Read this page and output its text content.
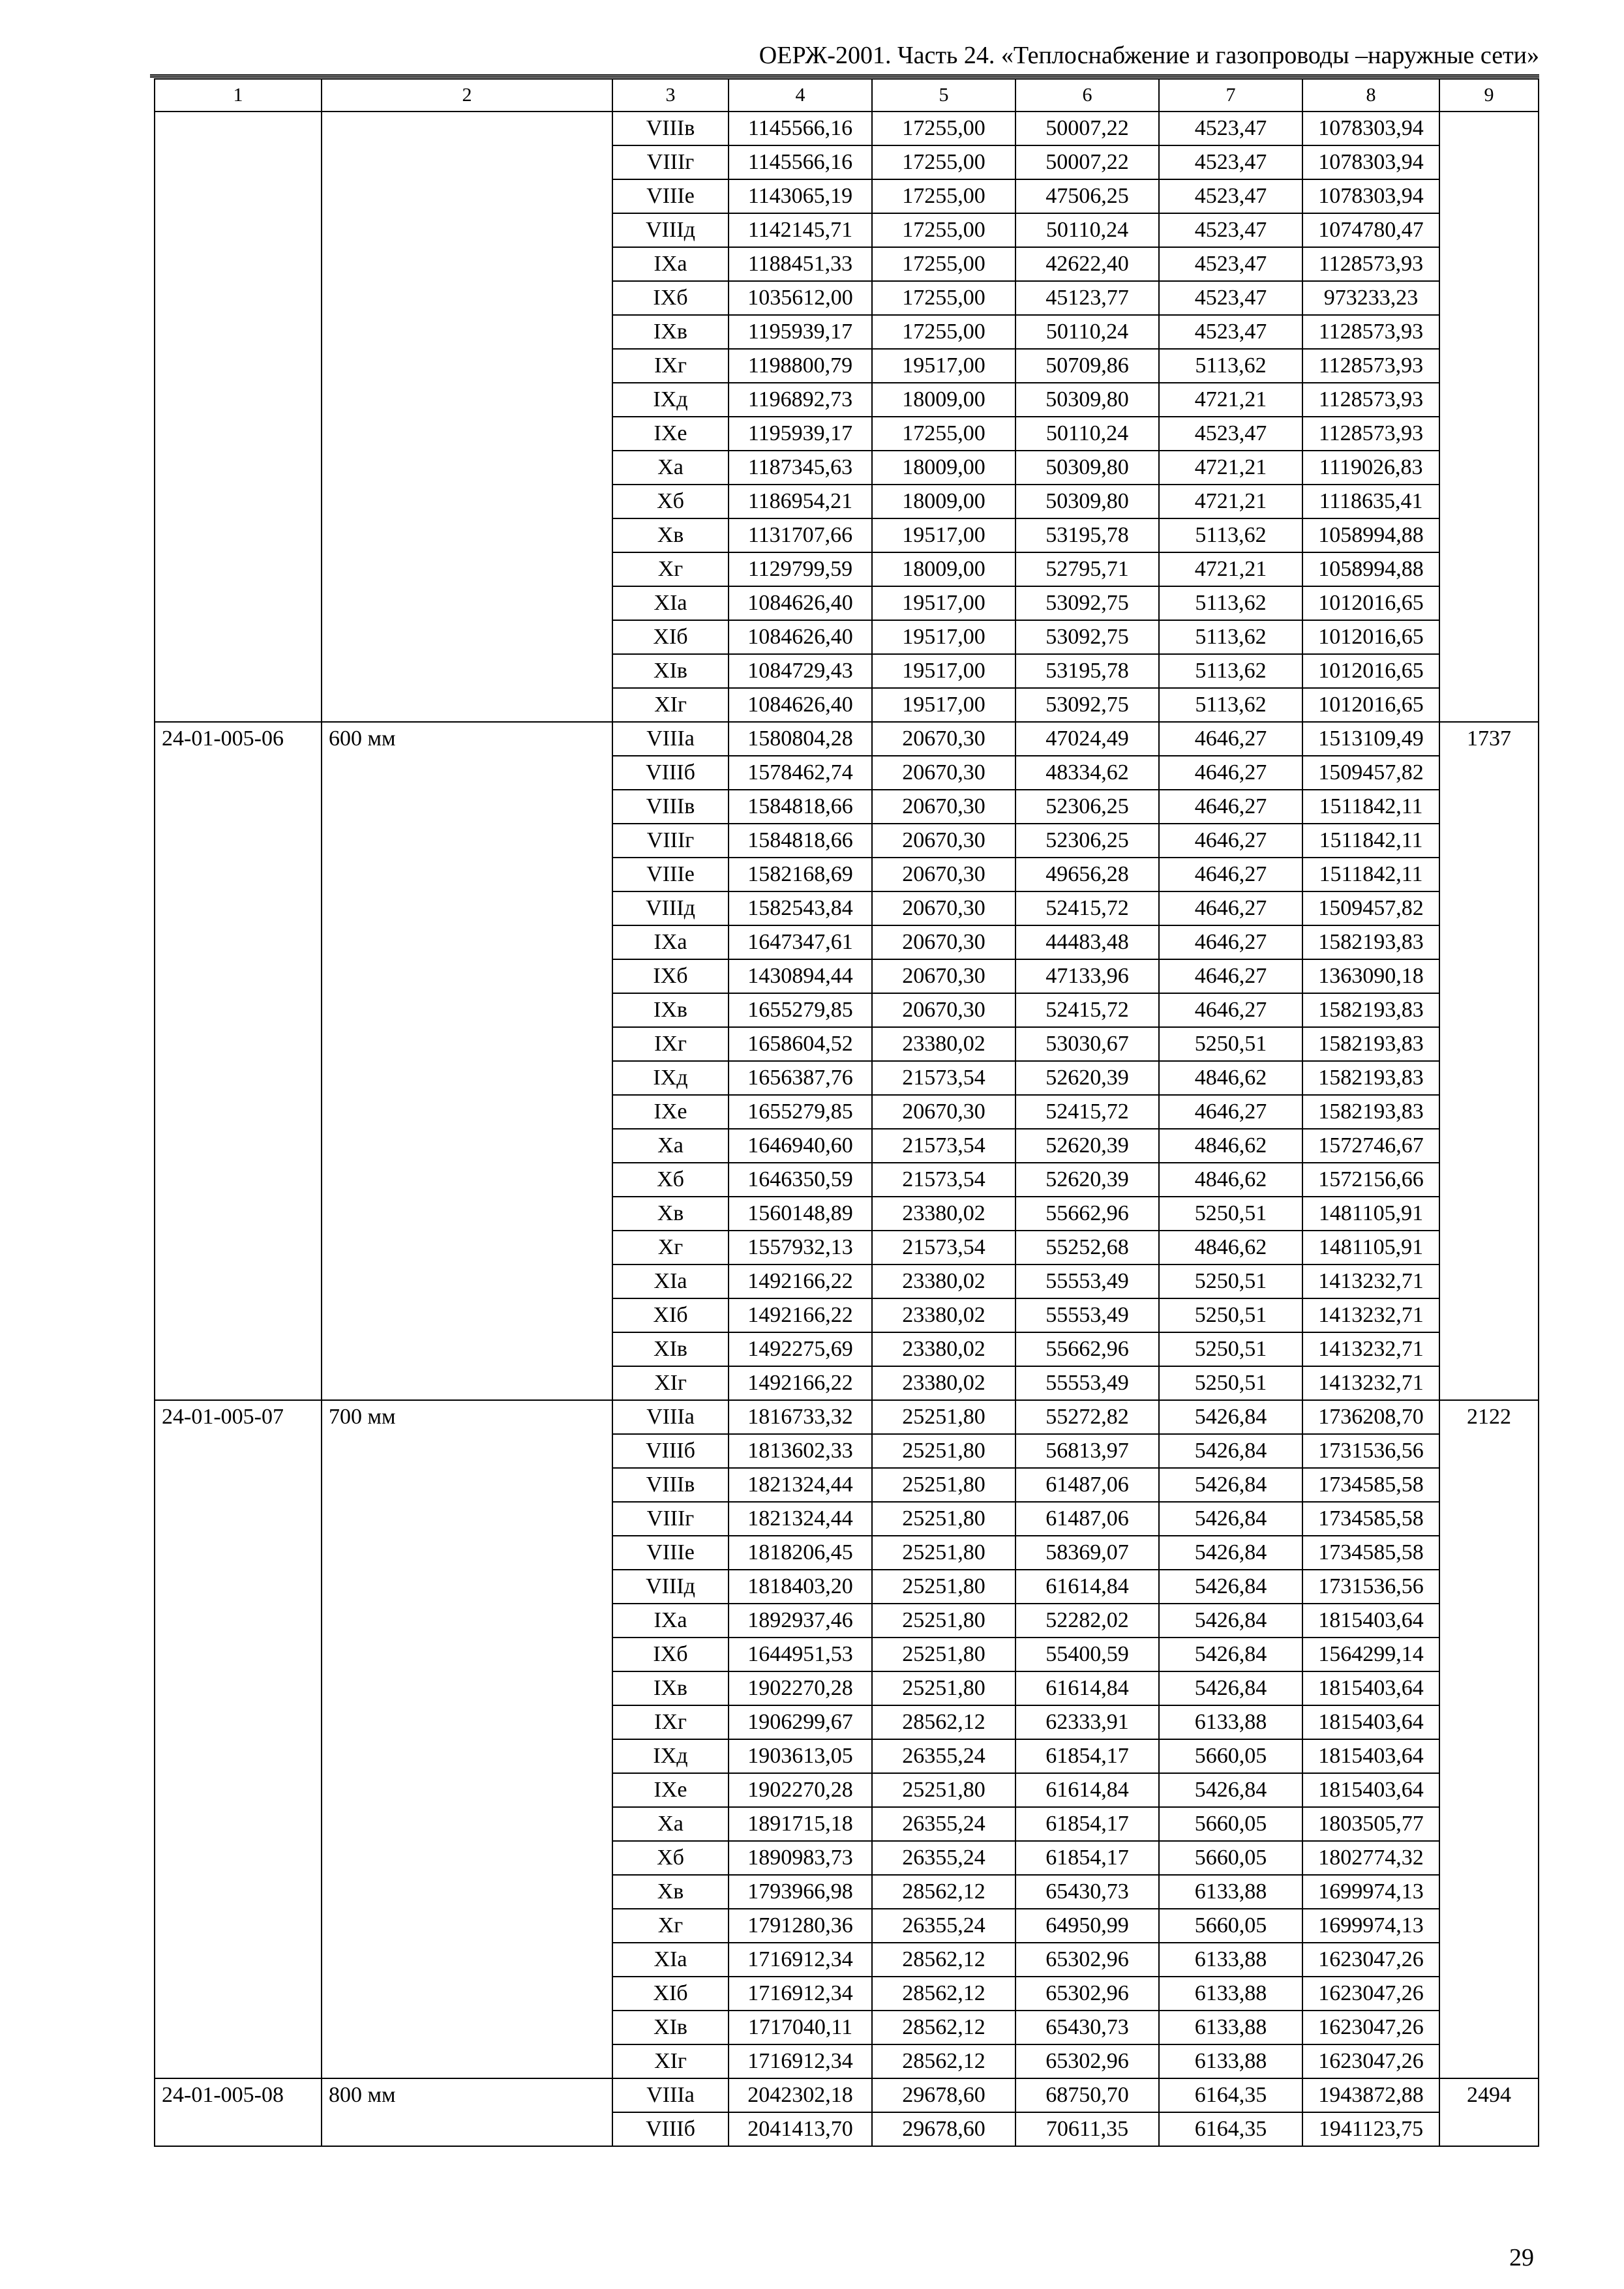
ОЕРЖ-2001. Часть 24. «Теплоснабжение и газопроводы –наружные сети»
1	2	3	4	5	6	7	8	9
		VIIIв	1145566,16	17255,00	50007,22	4523,47	1078303,94	
		VIIIг	1145566,16	17255,00	50007,22	4523,47	1078303,94	
		VIIIе	1143065,19	17255,00	47506,25	4523,47	1078303,94	
		VIIIд	1142145,71	17255,00	50110,24	4523,47	1074780,47	
		IXа	1188451,33	17255,00	42622,40	4523,47	1128573,93	
		IXб	1035612,00	17255,00	45123,77	4523,47	973233,23	
		IXв	1195939,17	17255,00	50110,24	4523,47	1128573,93	
		IXг	1198800,79	19517,00	50709,86	5113,62	1128573,93	
		IXд	1196892,73	18009,00	50309,80	4721,21	1128573,93	
		IXе	1195939,17	17255,00	50110,24	4523,47	1128573,93	
		Xа	1187345,63	18009,00	50309,80	4721,21	1119026,83	
		Xб	1186954,21	18009,00	50309,80	4721,21	1118635,41	
		Xв	1131707,66	19517,00	53195,78	5113,62	1058994,88	
		Xг	1129799,59	18009,00	52795,71	4721,21	1058994,88	
		XIа	1084626,40	19517,00	53092,75	5113,62	1012016,65	
		XIб	1084626,40	19517,00	53092,75	5113,62	1012016,65	
		XIв	1084729,43	19517,00	53195,78	5113,62	1012016,65	
		XIг	1084626,40	19517,00	53092,75	5113,62	1012016,65	
24-01-005-06	600 мм	VIIIа	1580804,28	20670,30	47024,49	4646,27	1513109,49	1737
		VIIIб	1578462,74	20670,30	48334,62	4646,27	1509457,82	
		VIIIв	1584818,66	20670,30	52306,25	4646,27	1511842,11	
		VIIIг	1584818,66	20670,30	52306,25	4646,27	1511842,11	
		VIIIе	1582168,69	20670,30	49656,28	4646,27	1511842,11	
		VIIIд	1582543,84	20670,30	52415,72	4646,27	1509457,82	
		IXа	1647347,61	20670,30	44483,48	4646,27	1582193,83	
		IXб	1430894,44	20670,30	47133,96	4646,27	1363090,18	
		IXв	1655279,85	20670,30	52415,72	4646,27	1582193,83	
		IXг	1658604,52	23380,02	53030,67	5250,51	1582193,83	
		IXд	1656387,76	21573,54	52620,39	4846,62	1582193,83	
		IXе	1655279,85	20670,30	52415,72	4646,27	1582193,83	
		Xа	1646940,60	21573,54	52620,39	4846,62	1572746,67	
		Xб	1646350,59	21573,54	52620,39	4846,62	1572156,66	
		Xв	1560148,89	23380,02	55662,96	5250,51	1481105,91	
		Xг	1557932,13	21573,54	55252,68	4846,62	1481105,91	
		XIа	1492166,22	23380,02	55553,49	5250,51	1413232,71	
		XIб	1492166,22	23380,02	55553,49	5250,51	1413232,71	
		XIв	1492275,69	23380,02	55662,96	5250,51	1413232,71	
		XIг	1492166,22	23380,02	55553,49	5250,51	1413232,71	
24-01-005-07	700 мм	VIIIа	1816733,32	25251,80	55272,82	5426,84	1736208,70	2122
		VIIIб	1813602,33	25251,80	56813,97	5426,84	1731536,56	
		VIIIв	1821324,44	25251,80	61487,06	5426,84	1734585,58	
		VIIIг	1821324,44	25251,80	61487,06	5426,84	1734585,58	
		VIIIе	1818206,45	25251,80	58369,07	5426,84	1734585,58	
		VIIIд	1818403,20	25251,80	61614,84	5426,84	1731536,56	
		IXа	1892937,46	25251,80	52282,02	5426,84	1815403,64	
		IXб	1644951,53	25251,80	55400,59	5426,84	1564299,14	
		IXв	1902270,28	25251,80	61614,84	5426,84	1815403,64	
		IXг	1906299,67	28562,12	62333,91	6133,88	1815403,64	
		IXд	1903613,05	26355,24	61854,17	5660,05	1815403,64	
		IXе	1902270,28	25251,80	61614,84	5426,84	1815403,64	
		Xа	1891715,18	26355,24	61854,17	5660,05	1803505,77	
		Xб	1890983,73	26355,24	61854,17	5660,05	1802774,32	
		Xв	1793966,98	28562,12	65430,73	6133,88	1699974,13	
		Xг	1791280,36	26355,24	64950,99	5660,05	1699974,13	
		XIа	1716912,34	28562,12	65302,96	6133,88	1623047,26	
		XIб	1716912,34	28562,12	65302,96	6133,88	1623047,26	
		XIв	1717040,11	28562,12	65430,73	6133,88	1623047,26	
		XIг	1716912,34	28562,12	65302,96	6133,88	1623047,26	
24-01-005-08	800 мм	VIIIа	2042302,18	29678,60	68750,70	6164,35	1943872,88	2494
		VIIIб	2041413,70	29678,60	70611,35	6164,35	1941123,75	
29
